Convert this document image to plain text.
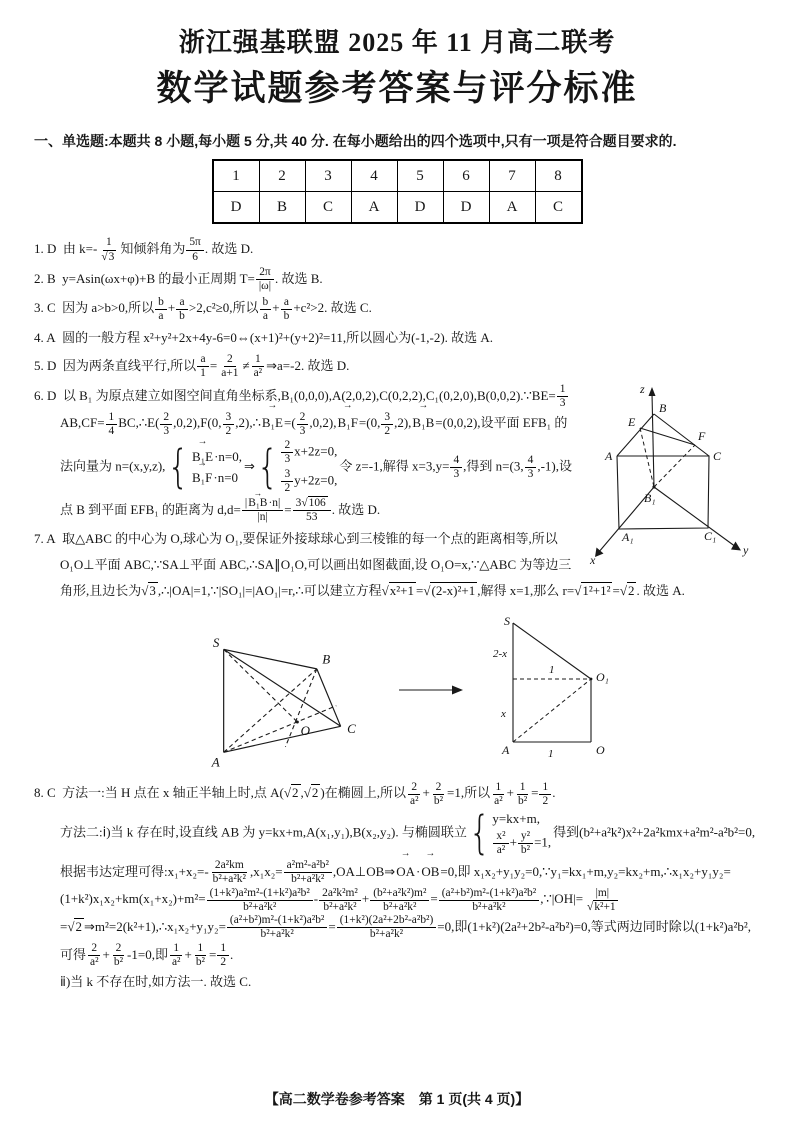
浙江强基联盟 2025 年 11 月高二联考
数学试题参考答案与评分标准
一、单选题:本题共 8 小题,每小题 5 分,共 40 分. 在每小题给出的四个选项中,只有一项是符合题目要求的.
1	2	3	4	5	6	7	8
D	B	C	A	D	D	A	C
1. D  由 $k=- \frac{1}{√3}$ 知倾斜角为 $\frac{5\pi}{6}$ . 故选 D.
2. B  y=Asin(ωx+φ)+B 的最小正周期 $T= \frac{2\pi}{|\omega|}$ . 故选 B.
3. C  因为 a>b>0,所以 $\frac{b}{a} + \frac{a}{b} >2,c^2\ge 0$,所以 $\frac{b}{a} + \frac{a}{b} +c^2>2$. 故选 C.
4. A  圆的一般方程 x²+y²+2x+4y-6=0⇔(x+1)²+(y+2)²=11,所以圆心为(-1,-2). 故选 A.
5. D  因为两条直线平行,所以 $\frac{a}{1} = \frac{2}{a+1} \ne \frac{1}{\text{a²}}$ ⇒a=-2. 故选 D.
z
B
E
F
A	C
B₁
A₁	C₁
x
y
6. D  以 B₁ 为原点建立如图空间直角坐标系,B₁(0,0,0),A(2,0,2),C(0,2,2),C₁(0,2,0),B(0,0,2).∵BE= $\frac{1}{3}$
$AB,CF= \frac{1}{4}$ BC,∴E( $\frac{2}{3} ,0,2),F(0$, $\frac{3}{2}$ ,2),∴→ $B_1E=( \frac{2}{3} ,0,2),\to B_1F=(0$, $\frac{3}{2} ,2),\to B_1B=(0,0,2)$,设平面 EFB₁ 的法向量为 n=(x,y,z), { → B₁E·n=0,
→ B₁F·n=0
⇒ { $\frac{2}{3} x+2z=0$,
$\frac{3}{2} y+2z=0$,
令 z=-1,解得 $x=3,y= \frac{4}{3}$ ,得到 n=(3, $\frac{4}{3} ,-1$),设点 B 到平面 EFB₁ 的距离为 $d,d= \frac{\text{|→ B₁B·n|}}{|n|} = \frac{3√106}{53}$ . 故选 D.
7. A  取△ABC 的中心为 O,球心为 O₁,要保证外接球球心到三棱锥的每一个点的距离相等,所以 O₁O⊥平面 ABC,∵SA⊥平面 ABC,∴SA∥O₁O,可以画出如图截面,设 O₁O=x,∵△ABC 为等边三角形,且边长为√3 ,∴|OA|=1,∵|SO₁|=|AO₁|=r,∴可以建立方程√x²+1 =√(2-x)²+1 ,解得 x=1,那么 r=√1²+1² =√2 . 故选 A.
S
B
C
A
O
S
2-x
1	O₁
x
A	1	O
8. C  方法一:当 H 点在 x 轴正半轴上时,点 A(√2 ,√2 )在椭圆上,所以 $\frac{2}{\text{a²}} + \frac{2}{\text{b²}} =1$,所以 $\frac{1}{\text{a²}} + \frac{1}{\text{b²}} = \frac{1}{2}$ .
方法二:ⅰ)当 k 存在时,设直线 AB 为 y=kx+m,A(x₁,y₁),B(x₂,y₂). 与椭圆联立 { y=kx+m,
$\frac{\text{x²}}{\text{a²}} + \frac{\text{y²}}{\text{b²}} =1$,
得到(b²+a²k²)x²+2a²kmx+a²m²-a²b²=0,根据韦达定理可得:x₁+x₂=- $\frac{\text{2a²km}}{\text{b²+a²k²}} ,x_1x_2= \frac{\text{a²m²-a²b²}}{\text{b²+a²k²}}$ ,OA⊥OB⇒→ OA·→ OB=0,即 x₁x₂+y₁y₂=0,∵y₁=kx₁+m,y₂=kx₂+m,∴x₁x₂+y₁y₂=(1+k²)x₁x₂+km(x₁+x₂)+m²= $\frac{\text{(1+k²)a²m²-(1+k²)a²b²}}{\text{b²+a²k²}} - \frac{\text{2a²k²m²}}{\text{b²+a²k²}} + \frac{\text{(b²+a²k²)m²}}{\text{b²+a²k²}} = \frac{\text{(a²+b²)m²-(1+k²)a²b²}}{\text{b²+a²k²}}$ ,∵|OH|= $\frac{|m|}{\text{√k²+1}}$
=√2 ⇒m²=2(k²+1),∴x₁x₂+y₁y₂= $\frac{\text{(a²+b²)m²-(1+k²)a²b²}}{\text{b²+a²k²}} = \frac{\text{(1+k²)(2a²+2b²-a²b²)}}{\text{b²+a²k²}} =0$,即(1+k²)(2a²+2b²-a²b²)=0,等式两边同时除以(1+k²)a²b²,可得 $\frac{2}{\text{a²}} + \frac{2}{\text{b²}} -1=0$,即 $\frac{1}{\text{a²}} + \frac{1}{\text{b²}} = \frac{1}{2}$ .
ⅱ)当 k 不存在时,如方法一. 故选 C.
【高二数学卷参考答案　第 1 页(共 4 页)】
